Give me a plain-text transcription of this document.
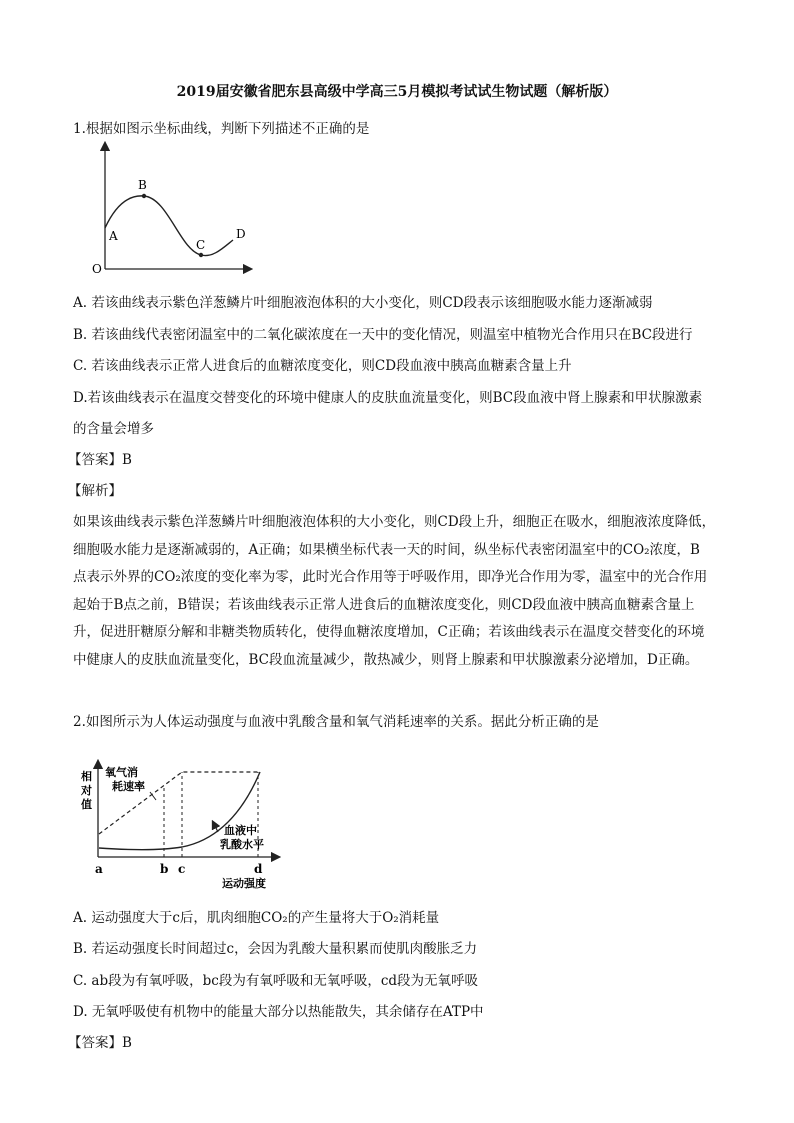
2019届安徽省肥东县高级中学高三5月模拟考试试生物试题（解析版）
1.根据如图示坐标曲线，判断下列描述不正确的是
O
A
B
C
D
A. 若该曲线表示紫色洋葱鳞片叶细胞液泡体积的大小变化，则CD段表示该细胞吸水能力逐渐减弱
B. 若该曲线代表密闭温室中的二氧化碳浓度在一天中的变化情况，则温室中植物光合作用只在BC段进行
C. 若该曲线表示正常人进食后的血糖浓度变化，则CD段血液中胰高血糖素含量上升
D.若该曲线表示在温度交替变化的环境中健康人的皮肤血流量变化，则BC段血液中肾上腺素和甲状腺激素
的含量会增多
【答案】B
【解析】
如果该曲线表示紫色洋葱鳞片叶细胞液泡体积的大小变化，则CD段上升，细胞正在吸水，细胞液浓度降低，
细胞吸水能力是逐渐减弱的，A正确；如果横坐标代表一天的时间，纵坐标代表密闭温室中的CO₂浓度，B
点表示外界的CO₂浓度的变化率为零，此时光合作用等于呼吸作用，即净光合作用为零，温室中的光合作用
起始于B点之前，B错误；若该曲线表示正常人进食后的血糖浓度变化，则CD段血液中胰高血糖素含量上
升，促进肝糖原分解和非糖类物质转化，使得血糖浓度增加，C正确；若该曲线表示在温度交替变化的环境
中健康人的皮肤血流量变化，BC段血流量减少，散热减少，则肾上腺素和甲状腺激素分泌增加，D正确。
2.如图所示为人体运动强度与血液中乳酸含量和氧气消耗速率的关系。据此分析正确的是
相
对
值
氧气消
耗速率
血液中
乳酸水平
a	b c	d
运动强度
A. 运动强度大于c后，肌肉细胞CO₂的产生量将大于O₂消耗量
B. 若运动强度长时间超过c，会因为乳酸大量积累而使肌肉酸胀乏力
C. ab段为有氧呼吸，bc段为有氧呼吸和无氧呼吸，cd段为无氧呼吸
D. 无氧呼吸使有机物中的能量大部分以热能散失，其余储存在ATP中
【答案】B
